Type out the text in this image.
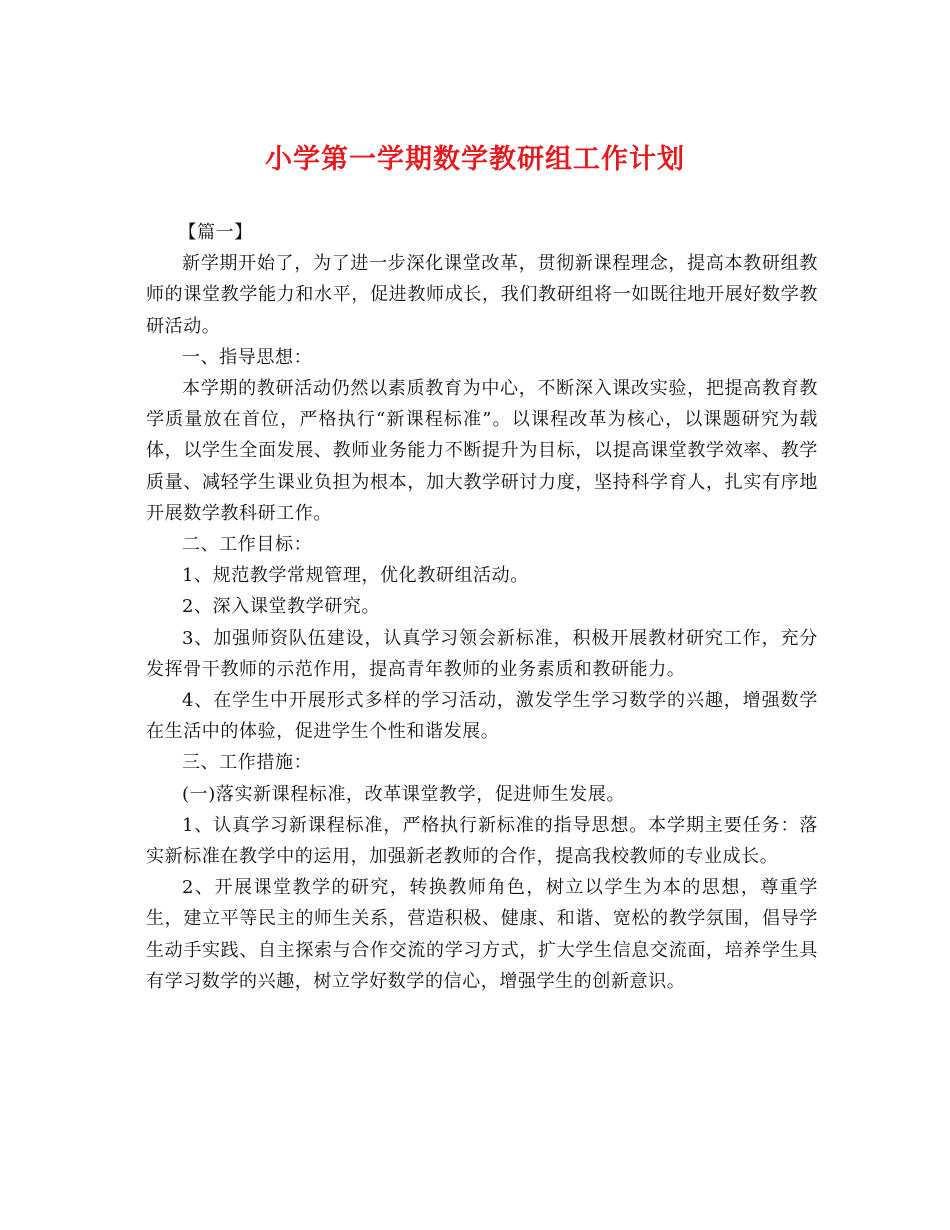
小学第一学期数学教研组工作计划

【篇一】

新学期开始了，为了进一步深化课堂改革，贯彻新课程理念，提高本教研组教师的课堂教学能力和水平，促进教师成长，我们教研组将一如既往地开展好数学教研活动。

一、指导思想：

本学期的教研活动仍然以素质教育为中心，不断深入课改实验，把提高教育教学质量放在首位，严格执行“新课程标准”。以课程改革为核心，以课题研究为载体，以学生全面发展、教师业务能力不断提升为目标，以提高课堂教学效率、教学质量、减轻学生课业负担为根本，加大教学研讨力度，坚持科学育人，扎实有序地开展数学教科研工作。

二、工作目标：

1、规范教学常规管理，优化教研组活动。

2、深入课堂教学研究。

3、加强师资队伍建设，认真学习领会新标准，积极开展教材研究工作，充分发挥骨干教师的示范作用，提高青年教师的业务素质和教研能力。

4、在学生中开展形式多样的学习活动，激发学生学习数学的兴趣，增强数学在生活中的体验，促进学生个性和谐发展。

三、工作措施：

(一)落实新课程标准，改革课堂教学，促进师生发展。

1、认真学习新课程标准，严格执行新标准的指导思想。本学期主要任务：落实新标准在教学中的运用，加强新老教师的合作，提高我校教师的专业成长。

2、开展课堂教学的研究，转换教师角色，树立以学生为本的思想，尊重学生，建立平等民主的师生关系，营造积极、健康、和谐、宽松的教学氛围，倡导学生动手实践、自主探索与合作交流的学习方式，扩大学生信息交流面，培养学生具有学习数学的兴趣，树立学好数学的信心，增强学生的创新意识。
